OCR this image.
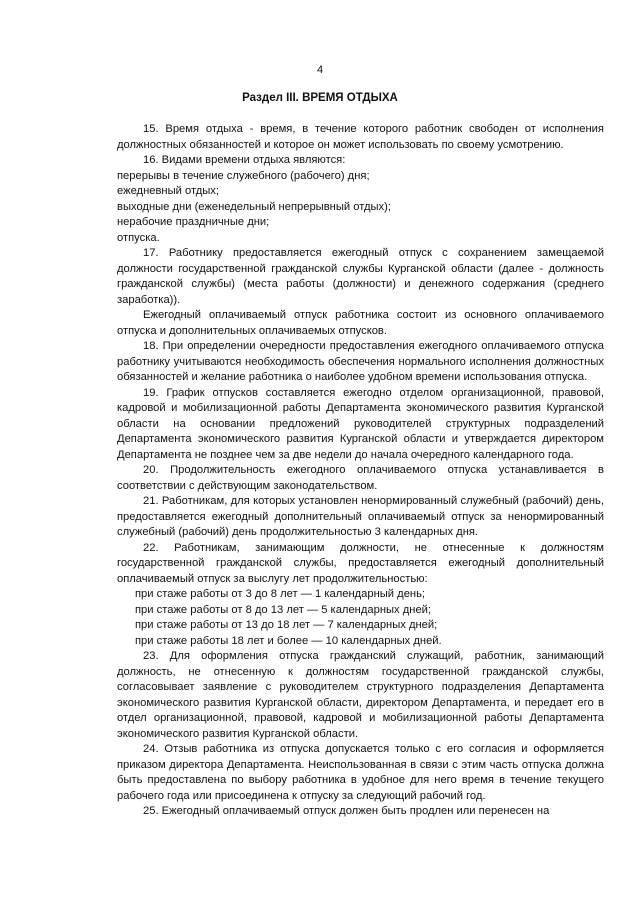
4
Раздел III. ВРЕМЯ ОТДЫХА

15. Время отдыха - время, в течение которого работник свободен от исполнения должностных обязанностей и которое он может использовать по своему усмотрению.

16. Видами времени отдыха являются:

перерывы в течение служебного (рабочего) дня;

ежедневный отдых;

выходные дни (еженедельный непрерывный отдых);

нерабочие праздничные дни;

отпуска.

17. Работнику предоставляется ежегодный отпуск с сохранением замещаемой должности государственной гражданской службы Курганской области (далее - должность гражданской службы) (места работы (должности) и денежного содержания (среднего заработка)).

Ежегодный оплачиваемый отпуск работника состоит из основного оплачиваемого отпуска и дополнительных оплачиваемых отпусков.

18. При определении очередности предоставления ежегодного оплачиваемого отпуска работнику учитываются необходимость обеспечения нормального исполнения должностных обязанностей и желание работника о наиболее удобном времени использования отпуска.

19. График отпусков составляется ежегодно отделом организационной, правовой, кадровой и мобилизационной работы Департамента экономического развития Курганской области на основании предложений руководителей структурных подразделений Департамента экономического развития Курганской области и утверждается директором Департамента не позднее чем за две недели до начала очередного календарного года.

20. Продолжительность ежегодного оплачиваемого отпуска устанавливается в соответствии с действующим законодательством.

21. Работникам, для которых установлен ненормированный служебный (рабочий) день, предоставляется ежегодный дополнительный оплачиваемый отпуск за ненормированный служебный (рабочий) день продолжительностью 3 календарных дня.

22. Работникам, занимающим должности, не отнесенные к должностям государственной гражданской службы, предоставляется ежегодный дополнительный оплачиваемый отпуск за выслугу лет продолжительностью:

при стаже работы от 3 до 8 лет — 1 календарный день;

при стаже работы от 8 до 13 лет — 5 календарных дней;

при стаже работы от 13 до 18 лет — 7 календарных дней;

при стаже работы 18 лет и более — 10 календарных дней.

23. Для оформления отпуска гражданский служащий, работник, занимающий должность, не отнесенную к должностям государственной гражданской службы, согласовывает заявление с руководителем структурного подразделения Департамента экономического развития Курганской области, директором Департамента, и передает его в отдел организационной, правовой, кадровой и мобилизационной работы Департамента экономического развития Курганской области.

24. Отзыв работника из отпуска допускается только с его согласия и оформляется приказом директора Департамента. Неиспользованная в связи с этим часть отпуска должна быть предоставлена по выбору работника в удобное для него время в течение текущего рабочего года или присоединена к отпуску за следующий рабочий год.

25. Ежегодный оплачиваемый отпуск должен быть продлен или перенесен на
